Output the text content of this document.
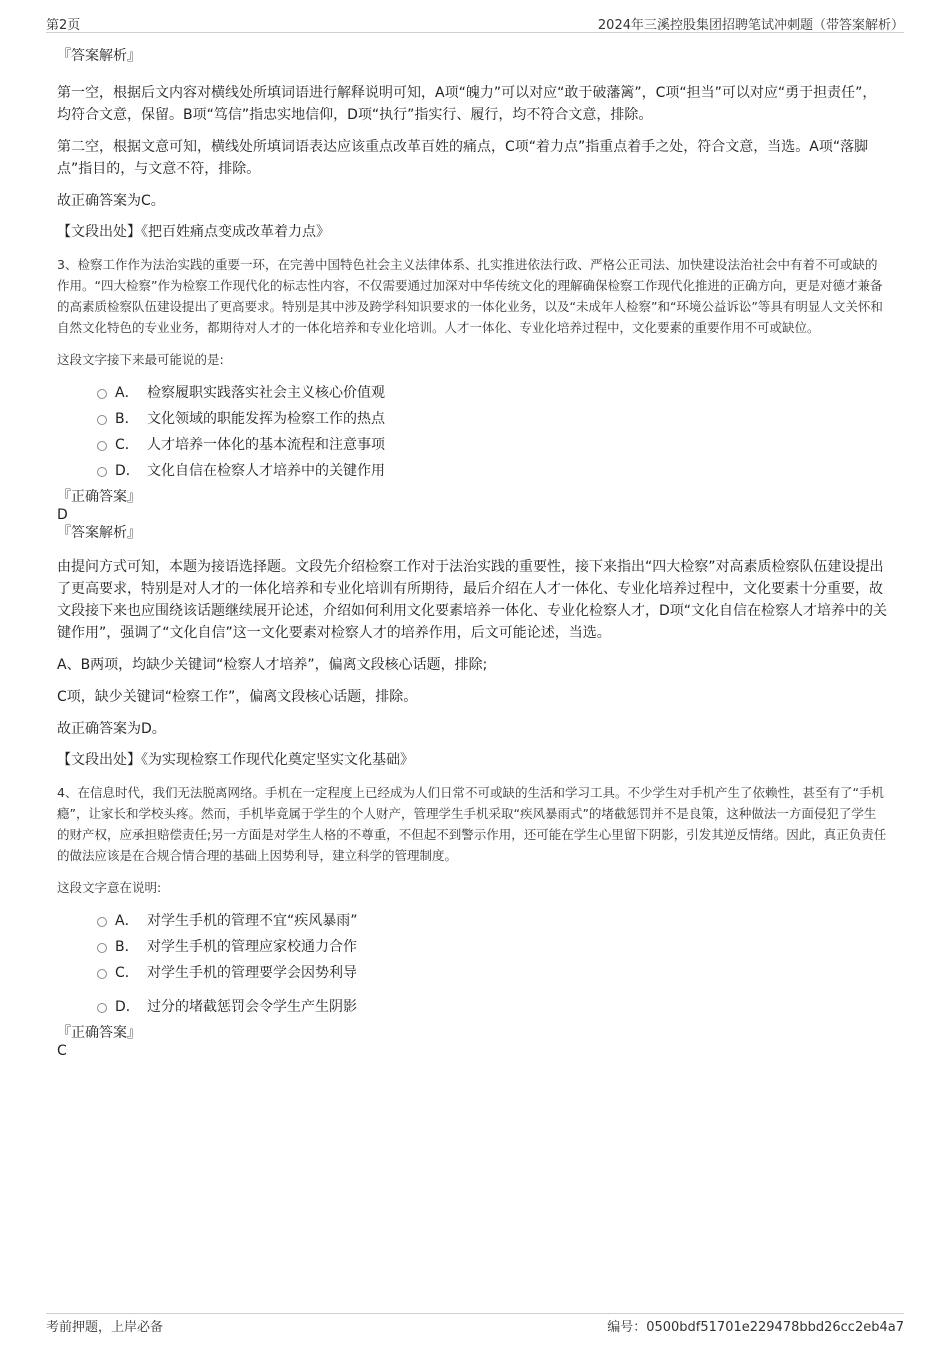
第2页	2024年三溪控股集团招聘笔试冲刺题（带答案解析）

『答案解析』

第一空，根据后文内容对横线处所填词语进行解释说明可知，A项“魄力”可以对应“敢于破藩篱”，C项“担当”可以对应“勇于担责任”，均符合文意，保留。B项“笃信”指忠实地信仰，D项“执行”指实行、履行，均不符合文意，排除。

第二空，根据文意可知，横线处所填词语表达应该重点改革百姓的痛点，C项“着力点”指重点着手之处，符合文意，当选。A项“落脚点”指目的，与文意不符，排除。

故正确答案为C。

【文段出处】《把百姓痛点变成改革着力点》

3、检察工作作为法治实践的重要一环，在完善中国特色社会主义法律体系、扎实推进依法行政、严格公正司法、加快建设法治社会中有着不可或缺的作用。“四大检察”作为检察工作现代化的标志性内容，不仅需要通过加深对中华传统文化的理解确保检察工作现代化推进的正确方向，更是对德才兼备的高素质检察队伍建设提出了更高要求。特别是其中涉及跨学科知识要求的一体化业务，以及“未成年人检察”和“环境公益诉讼”等具有明显人文关怀和自然文化特色的专业业务，都期待对人才的一体化培养和专业化培训。人才一体化、专业化培养过程中，文化要素的重要作用不可或缺位。

这段文字接下来最可能说的是:

A． 检察履职实践落实社会主义核心价值观
B． 文化领域的职能发挥为检察工作的热点
C． 人才培养一体化的基本流程和注意事项
D． 文化自信在检察人才培养中的关键作用

『正确答案』

D

『答案解析』

由提问方式可知，本题为接语选择题。文段先介绍检察工作对于法治实践的重要性，接下来指出“四大检察”对高素质检察队伍建设提出了更高要求，特别是对人才的一体化培养和专业化培训有所期待，最后介绍在人才一体化、专业化培养过程中，文化要素十分重要，故文段接下来也应围绕该话题继续展开论述，介绍如何利用文化要素培养一体化、专业化检察人才，D项“文化自信在检察人才培养中的关键作用”，强调了“文化自信”这一文化要素对检察人才的培养作用，后文可能论述，当选。

A、B两项，均缺少关键词“检察人才培养”，偏离文段核心话题，排除;

C项，缺少关键词“检察工作”，偏离文段核心话题，排除。

故正确答案为D。

【文段出处】《为实现检察工作现代化奠定坚实文化基础》

4、在信息时代，我们无法脱离网络。手机在一定程度上已经成为人们日常不可或缺的生活和学习工具。不少学生对手机产生了依赖性，甚至有了“手机瘾”，让家长和学校头疼。然而，手机毕竟属于学生的个人财产，管理学生手机采取“疾风暴雨式”的堵截惩罚并不是良策，这种做法一方面侵犯了学生的财产权，应承担赔偿责任;另一方面是对学生人格的不尊重，不但起不到警示作用，还可能在学生心里留下阴影，引发其逆反情绪。因此，真正负责任的做法应该是在合规合情合理的基础上因势利导，建立科学的管理制度。

这段文字意在说明:

A． 对学生手机的管理不宜“疾风暴雨”
B． 对学生手机的管理应家校通力合作
C． 对学生手机的管理要学会因势利导
D． 过分的堵截惩罚会令学生产生阴影

『正确答案』

C

考前押题，上岸必备	编号：0500bdf51701e229478bbd26cc2eb4a7
